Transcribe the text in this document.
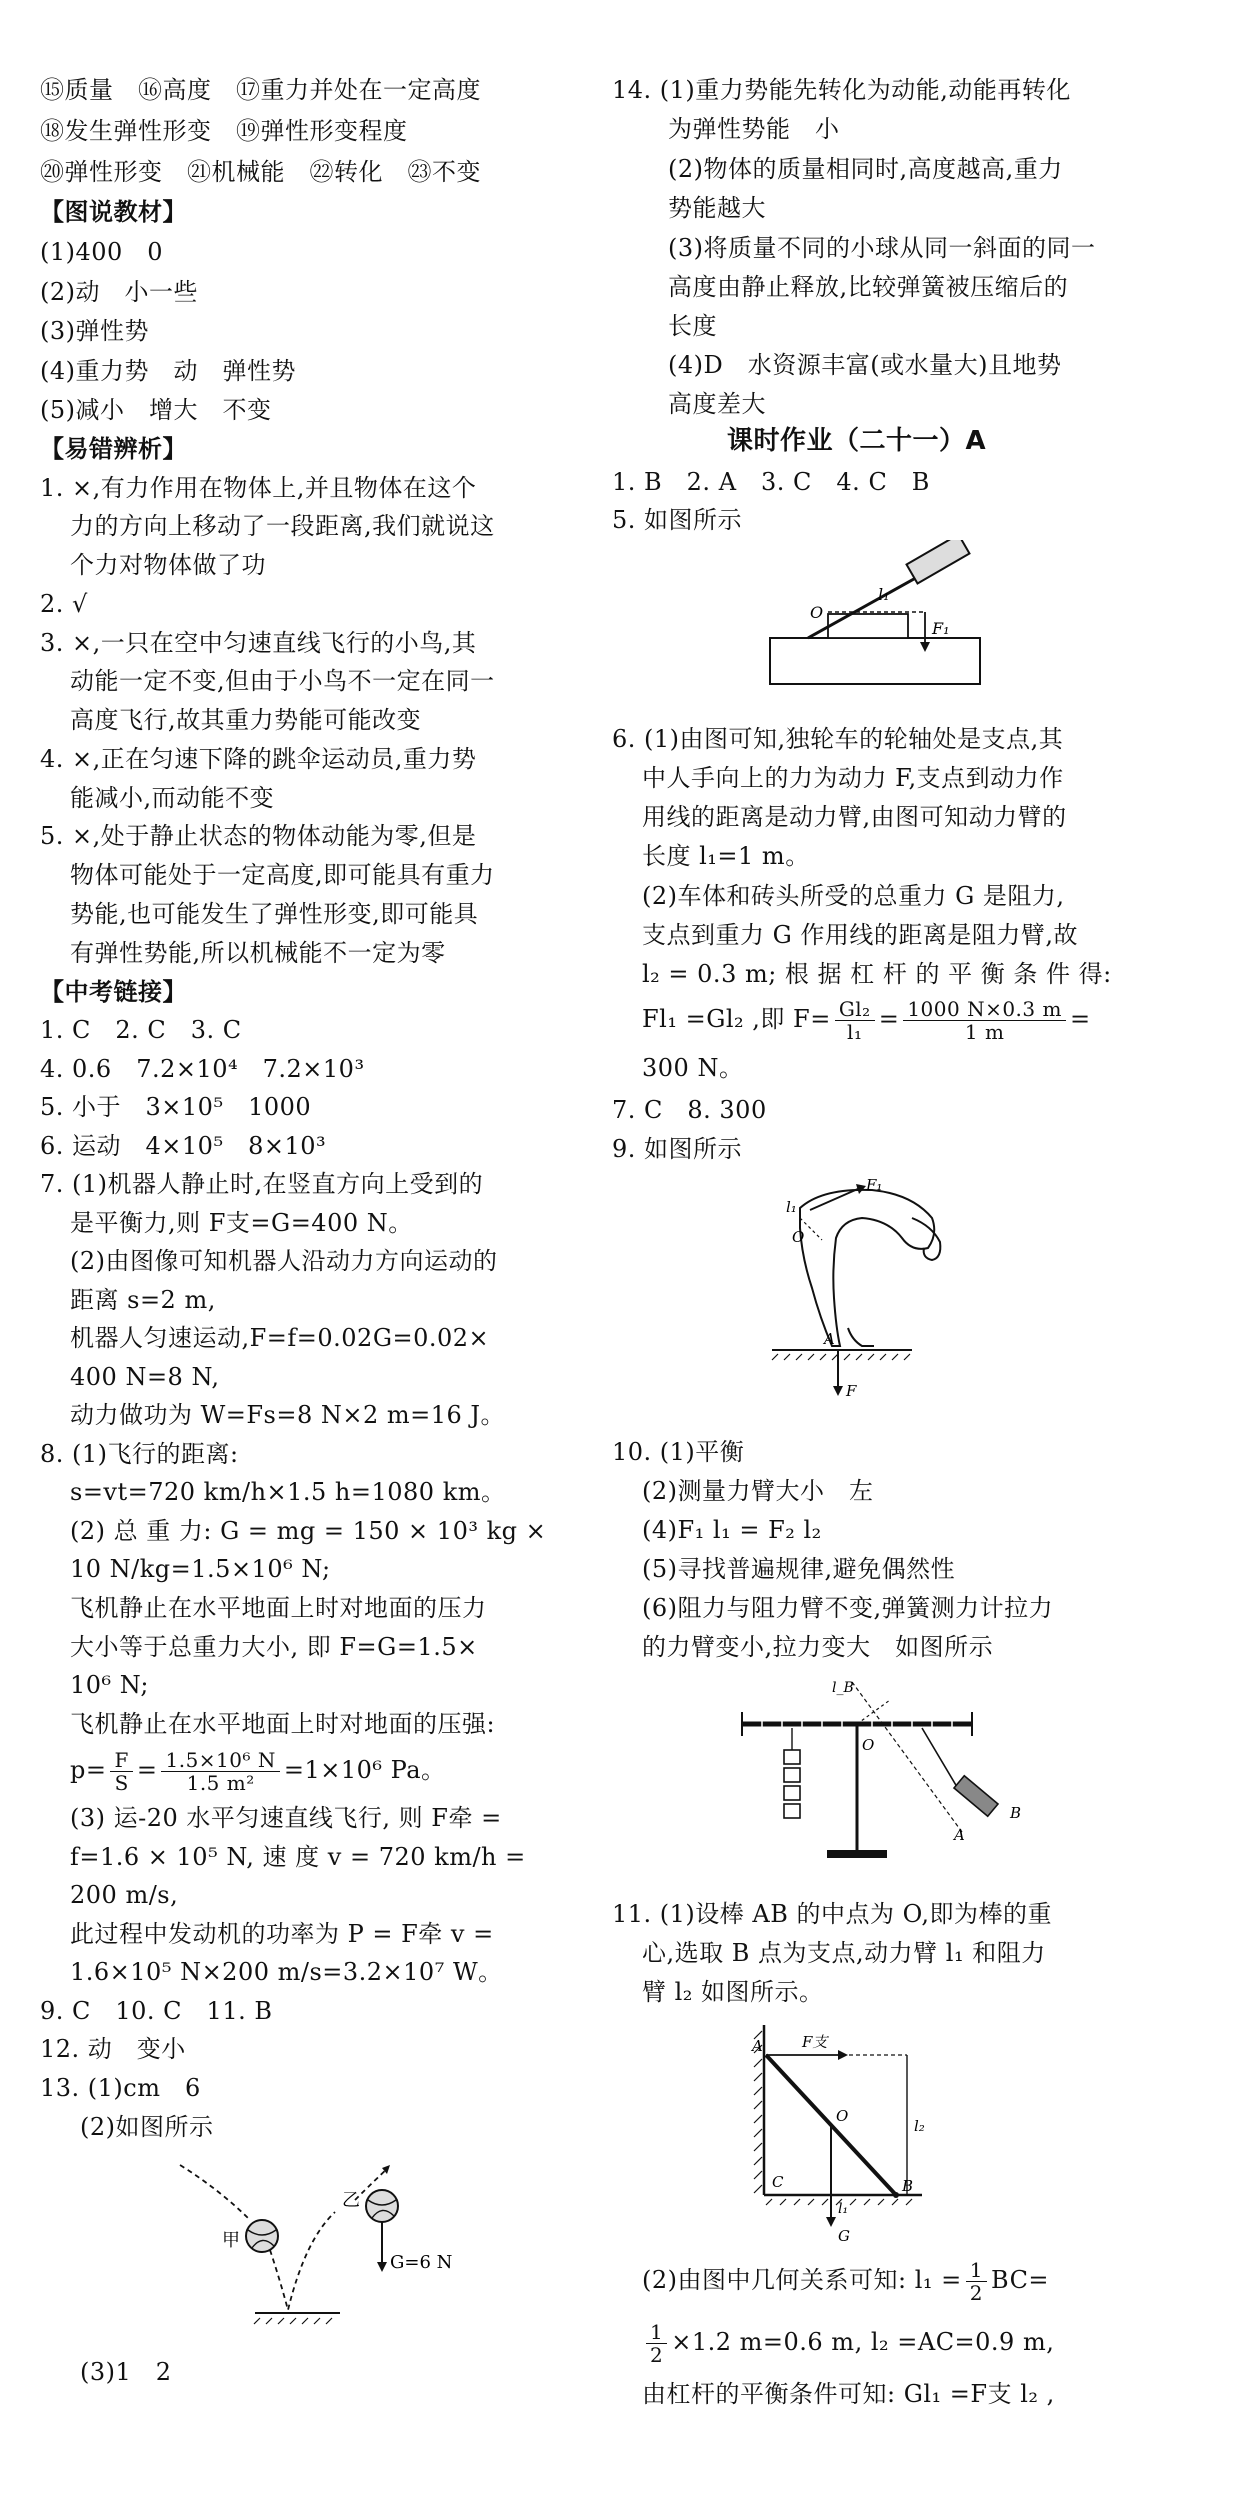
⑮质量　⑯高度　⑰重力并处在一定高度
⑱发生弹性形变　⑲弹性形变程度
⑳弹性形变　㉑机械能　㉒转化　㉓不变
【图说教材】
(1)400　0
(2)动　小一些
(3)弹性势
(4)重力势　动　弹性势
(5)减小　增大　不变
【易错辨析】
1. ×,有力作用在物体上,并且物体在这个
力的方向上移动了一段距离,我们就说这
个力对物体做了功
2. √
3. ×,一只在空中匀速直线飞行的小鸟,其
动能一定不变,但由于小鸟不一定在同一
高度飞行,故其重力势能可能改变
4. ×,正在匀速下降的跳伞运动员,重力势
能减小,而动能不变
5. ×,处于静止状态的物体动能为零,但是
物体可能处于一定高度,即可能具有重力
势能,也可能发生了弹性形变,即可能具
有弹性势能,所以机械能不一定为零
【中考链接】
1. C　2. C　3. C
4. 0.6　7.2×10⁴　7.2×10³
5. 小于　3×10⁵　1000
6. 运动　4×10⁵　8×10³
7. (1)机器人静止时,在竖直方向上受到的
是平衡力,则 F支=G=400 N。
(2)由图像可知机器人沿动力方向运动的
距离 s=2 m,
机器人匀速运动,F=f=0.02G=0.02×
400 N=8 N,
动力做功为 W=Fs=8 N×2 m=16 J。
8. (1)飞行的距离:
s=vt=720 km/h×1.5 h=1080 km。
(2) 总 重 力: G = mg = 150 × 10³ kg ×
10 N/kg=1.5×10⁶ N;
飞机静止在水平地面上时对地面的压力
大小等于总重力大小, 即 F=G=1.5×
10⁶ N;
飞机静止在水平地面上时对地面的压强:
$p= \frac{F}{S} = \frac{\text{1.5×10⁶ N}}{\text{1.5 m²}} =1\times 10^6$ Pa。
(3) 运-20 水平匀速直线飞行, 则 F牵 =
f=1.6 × 10⁵ N, 速 度 v = 720 km/h =
200 m/s,
此过程中发动机的功率为 P = F牵 v =
1.6×10⁵ N×200 m/s=3.2×10⁷ W。
9. C　10. C　11. B
12. 动　变小
13. (1)cm　6
(2)如图所示
甲
乙
G=6 N
(3)1　2
14. (1)重力势能先转化为动能,动能再转化
为弹性势能　小
(2)物体的质量相同时,高度越高,重力
势能越大
(3)将质量不同的小球从同一斜面的同一
高度由静止释放,比较弹簧被压缩后的
长度
(4)D　水资源丰富(或水量大)且地势
高度差大
课时作业（二十一）A
1. B　2. A　3. C　4. C　B
5. 如图所示
O
l₁
F₁
6. (1)由图可知,独轮车的轮轴处是支点,其
中人手向上的力为动力 F,支点到动力作
用线的距离是动力臂,由图可知动力臂的
长度 l₁=1 m。
(2)车体和砖头所受的总重力 G 是阻力,
支点到重力 G 作用线的距离是阻力臂,故
l₂ = 0.3 m; 根 据 杠 杆 的 平 衡 条 件 得:
Fl₁ =Gl₂ ,即 $F= \frac{\text{Gl₂}}{\text{l₁}} = \frac{1000 N\times 0.3 m}{1 m}$ =
300 N。
7. C　8. 300
9. 如图所示
F₁
l₁
O
A
F
10. (1)平衡
(2)测量力臂大小　左
(4)F₁ l₁ = F₂ l₂
(5)寻找普遍规律,避免偶然性
(6)阻力与阻力臂不变,弹簧测力计拉力
的力臂变小,拉力变大　如图所示
l_B
O
A
B
11. (1)设棒 AB 的中点为 O,即为棒的重
心,选取 B 点为支点,动力臂 l₁ 和阻力
臂 l₂ 如图所示。
A	F支
O
l₂
C	B
l₁
G
(2)由图中几何关系可知: $l_1 = \frac{1}{2} BC=$
$\frac{1}{2} \times 1.2$ m=0.6 m, l₂ =AC=0.9 m,
由杠杆的平衡条件可知: Gl₁ =F支 l₂ ,
